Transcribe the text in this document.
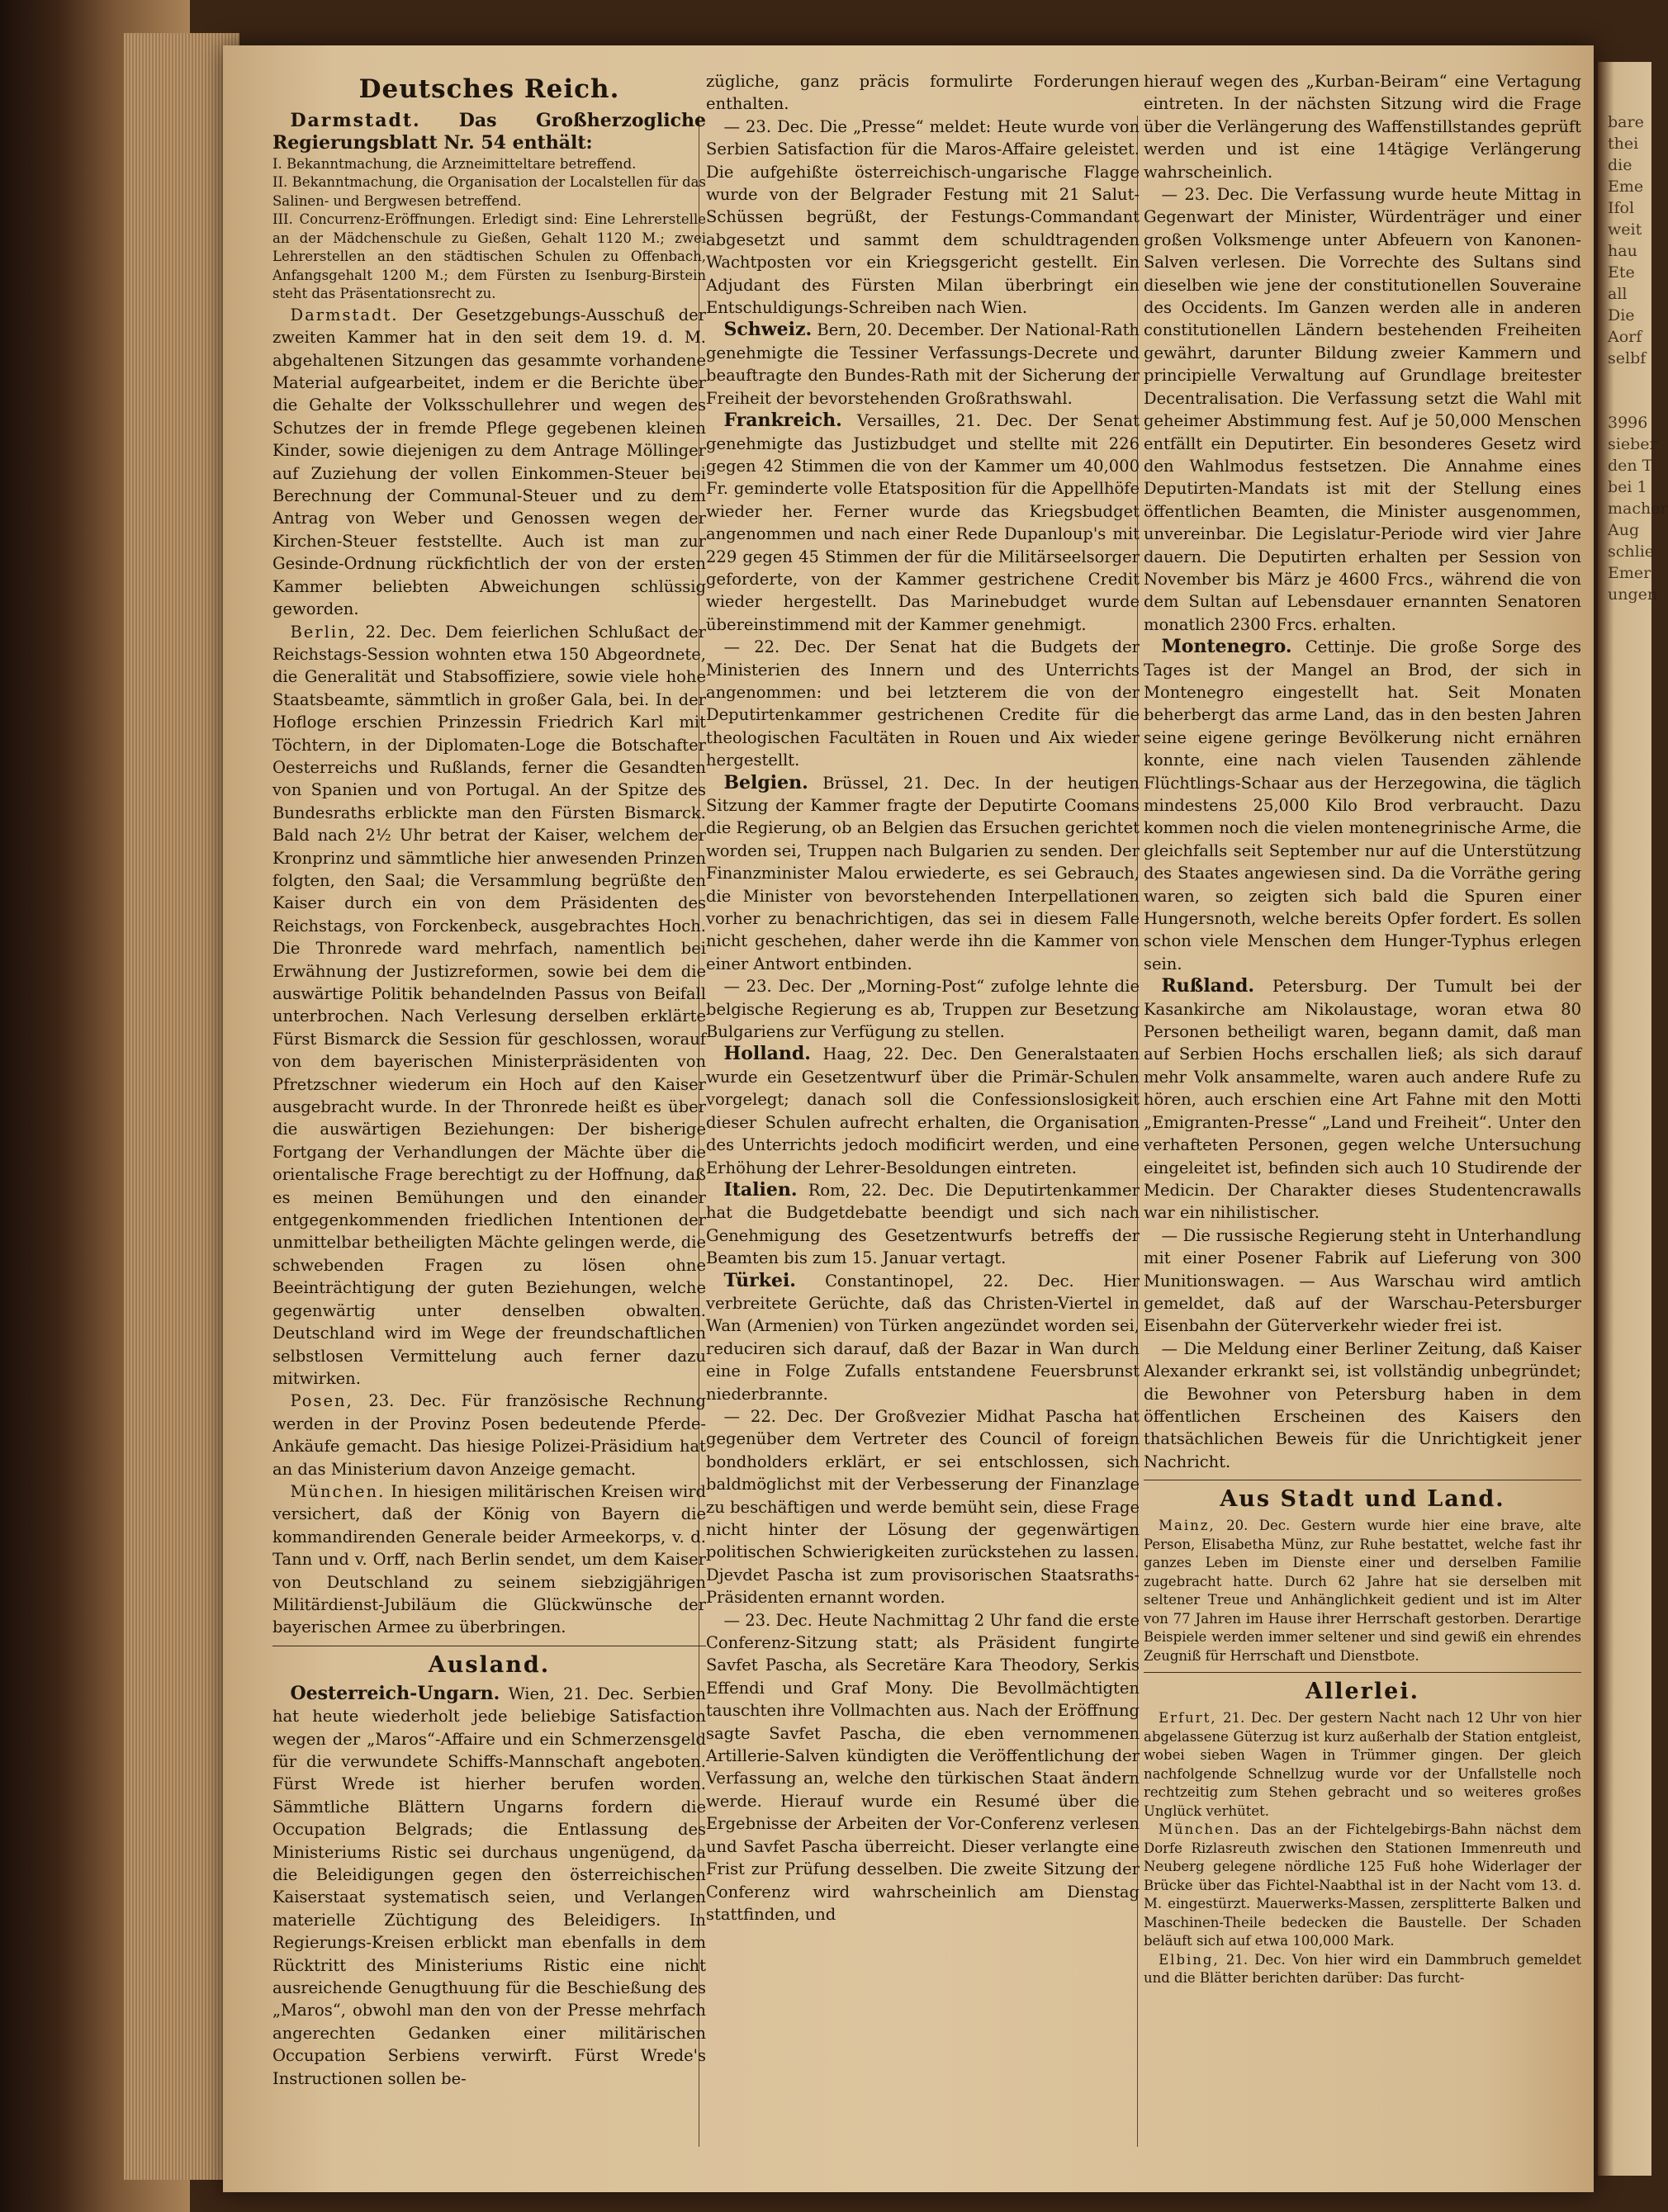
bare
thei
die
Eme
Ifol
weit
hau
Ete
all
Die
Aorf
selbf

3996
sieber
den T
bei 1
macher
Aug
schlie
Emer
ungen
Deutsches Reich.

Darmstadt. Das Großherzogliche Regierungsblatt Nr. 54 enthält:

I. Bekanntmachung, die Arzneimitteltare betreffend.

II. Bekanntmachung, die Organisation der Localstellen für das Salinen- und Bergwesen betreffend.

III. Concurrenz-Eröffnungen. Erledigt sind: Eine Lehrerstelle an der Mädchenschule zu Gießen, Gehalt 1120 M.; zwei Lehrerstellen an den städtischen Schulen zu Offenbach, Anfangsgehalt 1200 M.; dem Fürsten zu Isenburg-Birstein steht das Präsentationsrecht zu.

Darmstadt. Der Gesetzgebungs-Ausschuß der zweiten Kammer hat in den seit dem 19. d. M. abgehaltenen Sitzungen das gesammte vorhandene Material aufgearbeitet, indem er die Berichte über die Gehalte der Volksschullehrer und wegen des Schutzes der in fremde Pflege gegebenen kleinen Kinder, sowie diejenigen zu dem Antrage Möllinger auf Zuziehung der vollen Einkommen-Steuer bei Berechnung der Communal-Steuer und zu dem Antrag von Weber und Genossen wegen der Kirchen-Steuer feststellte. Auch ist man zur Gesinde-Ordnung rückfichtlich der von der ersten Kammer beliebten Abweichungen schlüssig geworden.

Berlin, 22. Dec. Dem feierlichen Schlußact der Reichstags-Session wohnten etwa 150 Abgeordnete, die Generalität und Stabsoffiziere, sowie viele hohe Staatsbeamte, sämmtlich in großer Gala, bei. In der Hofloge erschien Prinzessin Friedrich Karl mit Töchtern, in der Diplomaten-Loge die Botschafter Oesterreichs und Rußlands, ferner die Gesandten von Spanien und von Portugal. An der Spitze des Bundesraths erblickte man den Fürsten Bismarck. Bald nach 2½ Uhr betrat der Kaiser, welchem der Kronprinz und sämmtliche hier anwesenden Prinzen folgten, den Saal; die Versammlung begrüßte den Kaiser durch ein von dem Präsidenten des Reichstags, von Forckenbeck, ausgebrachtes Hoch. Die Thronrede ward mehrfach, namentlich bei Erwähnung der Justizreformen, sowie bei dem die auswärtige Politik behandelnden Passus von Beifall unterbrochen. Nach Verlesung derselben erklärte Fürst Bismarck die Session für geschlossen, worauf von dem bayerischen Ministerpräsidenten von Pfretzschner wiederum ein Hoch auf den Kaiser ausgebracht wurde. In der Thronrede heißt es über die auswärtigen Beziehungen: Der bisherige Fortgang der Verhandlungen der Mächte über die orientalische Frage berechtigt zu der Hoffnung, daß es meinen Bemühungen und den einander entgegenkommenden friedlichen Intentionen der unmittelbar betheiligten Mächte gelingen werde, die schwebenden Fragen zu lösen ohne Beeinträchtigung der guten Beziehungen, welche gegenwärtig unter denselben obwalten. Deutschland wird im Wege der freundschaftlichen selbstlosen Vermittelung auch ferner dazu mitwirken.

Posen, 23. Dec. Für französische Rechnung werden in der Provinz Posen bedeutende Pferde-Ankäufe gemacht. Das hiesige Polizei-Präsidium hat an das Ministerium davon Anzeige gemacht.

München. In hiesigen militärischen Kreisen wird versichert, daß der König von Bayern die kommandirenden Generale beider Armeekorps, v. d. Tann und v. Orff, nach Berlin sendet, um dem Kaiser von Deutschland zu seinem siebzigjährigen Militärdienst-Jubiläum die Glückwünsche der bayerischen Armee zu überbringen.

Ausland.

Oesterreich-Ungarn. Wien, 21. Dec. Serbien hat heute wiederholt jede beliebige Satisfaction wegen der „Maros“-Affaire und ein Schmerzensgeld für die verwundete Schiffs-Mannschaft angeboten. Fürst Wrede ist hierher berufen worden. Sämmtliche Blättern Ungarns fordern die Occupation Belgrads; die Entlassung des Ministeriums Ristic sei durchaus ungenügend, da die Beleidigungen gegen den österreichischen Kaiserstaat systematisch seien, und Verlangen materielle Züchtigung des Beleidigers. In Regierungs-Kreisen erblickt man ebenfalls in dem Rücktritt des Ministeriums Ristic eine nicht ausreichende Genugthuung für die Beschießung des „Maros“, obwohl man den von der Presse mehrfach angerechten Gedanken einer militärischen Occupation Serbiens verwirft. Fürst Wrede's Instructionen sollen be-

zügliche, ganz präcis formulirte Forderungen enthalten.

— 23. Dec. Die „Presse“ meldet: Heute wurde von Serbien Satisfaction für die Maros-Affaire geleistet. Die aufgehißte österreichisch-ungarische Flagge wurde von der Belgrader Festung mit 21 Salut-Schüssen begrüßt, der Festungs-Commandant abgesetzt und sammt dem schuldtragenden Wachtposten vor ein Kriegsgericht gestellt. Ein Adjudant des Fürsten Milan überbringt ein Entschuldigungs-Schreiben nach Wien.

Schweiz. Bern, 20. December. Der National-Rath genehmigte die Tessiner Verfassungs-Decrete und beauftragte den Bundes-Rath mit der Sicherung der Freiheit der bevorstehenden Großrathswahl.

Frankreich. Versailles, 21. Dec. Der Senat genehmigte das Justizbudget und stellte mit 226 gegen 42 Stimmen die von der Kammer um 40,000 Fr. geminderte volle Etatsposition für die Appellhöfe wieder her. Ferner wurde das Kriegsbudget angenommen und nach einer Rede Dupanloup's mit 229 gegen 45 Stimmen der für die Militärseelsorger geforderte, von der Kammer gestrichene Credit wieder hergestellt. Das Marinebudget wurde übereinstimmend mit der Kammer genehmigt.

— 22. Dec. Der Senat hat die Budgets der Ministerien des Innern und des Unterrichts angenommen: und bei letzterem die von der Deputirtenkammer gestrichenen Credite für die theologischen Facultäten in Rouen und Aix wieder hergestellt.

Belgien. Brüssel, 21. Dec. In der heutigen Sitzung der Kammer fragte der Deputirte Coomans die Regierung, ob an Belgien das Ersuchen gerichtet worden sei, Truppen nach Bulgarien zu senden. Der Finanzminister Malou erwiederte, es sei Gebrauch, die Minister von bevorstehenden Interpellationen vorher zu benachrichtigen, das sei in diesem Falle nicht geschehen, daher werde ihn die Kammer von einer Antwort entbinden.

— 23. Dec. Der „Morning-Post“ zufolge lehnte die belgische Regierung es ab, Truppen zur Besetzung Bulgariens zur Verfügung zu stellen.

Holland. Haag, 22. Dec. Den Generalstaaten wurde ein Gesetzentwurf über die Primär-Schulen vorgelegt; danach soll die Confessionslosigkeit dieser Schulen aufrecht erhalten, die Organisation des Unterrichts jedoch modificirt werden, und eine Erhöhung der Lehrer-Besoldungen eintreten.

Italien. Rom, 22. Dec. Die Deputirtenkammer hat die Budgetdebatte beendigt und sich nach Genehmigung des Gesetzentwurfs betreffs der Beamten bis zum 15. Januar vertagt.

Türkei. Constantinopel, 22. Dec. Hier verbreitete Gerüchte, daß das Christen-Viertel in Wan (Armenien) von Türken angezündet worden sei, reduciren sich darauf, daß der Bazar in Wan durch eine in Folge Zufalls entstandene Feuersbrunst niederbrannte.

— 22. Dec. Der Großvezier Midhat Pascha hat gegenüber dem Vertreter des Council of foreign bondholders erklärt, er sei entschlossen, sich baldmöglichst mit der Verbesserung der Finanzlage zu beschäftigen und werde bemüht sein, diese Frage nicht hinter der Lösung der gegenwärtigen politischen Schwierigkeiten zurückstehen zu lassen. Djevdet Pascha ist zum provisorischen Staatsraths-Präsidenten ernannt worden.

— 23. Dec. Heute Nachmittag 2 Uhr fand die erste Conferenz-Sitzung statt; als Präsident fungirte Savfet Pascha, als Secretäre Kara Theodory, Serkis Effendi und Graf Mony. Die Bevollmächtigten tauschten ihre Vollmachten aus. Nach der Eröffnung sagte Savfet Pascha, die eben vernommenen Artillerie-Salven kündigten die Veröffentlichung der Verfassung an, welche den türkischen Staat ändern werde. Hierauf wurde ein Resumé über die Ergebnisse der Arbeiten der Vor-Conferenz verlesen und Savfet Pascha überreicht. Dieser verlangte eine Frist zur Prüfung desselben. Die zweite Sitzung der Conferenz wird wahrscheinlich am Dienstag stattfinden, und

hierauf wegen des „Kurban-Beiram“ eine Vertagung eintreten. In der nächsten Sitzung wird die Frage über die Verlängerung des Waffenstillstandes geprüft werden und ist eine 14tägige Verlängerung wahrscheinlich.

— 23. Dec. Die Verfassung wurde heute Mittag in Gegenwart der Minister, Würdenträger und einer großen Volksmenge unter Abfeuern von Kanonen-Salven verlesen. Die Vorrechte des Sultans sind dieselben wie jene der constitutionellen Souveraine des Occidents. Im Ganzen werden alle in anderen constitutionellen Ländern bestehenden Freiheiten gewährt, darunter Bildung zweier Kammern und principielle Verwaltung auf Grundlage breitester Decentralisation. Die Verfassung setzt die Wahl mit geheimer Abstimmung fest. Auf je 50,000 Menschen entfällt ein Deputirter. Ein besonderes Gesetz wird den Wahlmodus festsetzen. Die Annahme eines Deputirten-Mandats ist mit der Stellung eines öffentlichen Beamten, die Minister ausgenommen, unvereinbar. Die Legislatur-Periode wird vier Jahre dauern. Die Deputirten erhalten per Session von November bis März je 4600 Frcs., während die von dem Sultan auf Lebensdauer ernannten Senatoren monatlich 2300 Frcs. erhalten.

Montenegro. Cettinje. Die große Sorge des Tages ist der Mangel an Brod, der sich in Montenegro eingestellt hat. Seit Monaten beherbergt das arme Land, das in den besten Jahren seine eigene geringe Bevölkerung nicht ernähren konnte, eine nach vielen Tausenden zählende Flüchtlings-Schaar aus der Herzegowina, die täglich mindestens 25,000 Kilo Brod verbraucht. Dazu kommen noch die vielen montenegrinische Arme, die gleichfalls seit September nur auf die Unterstützung des Staates angewiesen sind. Da die Vorräthe gering waren, so zeigten sich bald die Spuren einer Hungersnoth, welche bereits Opfer fordert. Es sollen schon viele Menschen dem Hunger-Typhus erlegen sein.

Rußland. Petersburg. Der Tumult bei der Kasankirche am Nikolaustage, woran etwa 80 Personen betheiligt waren, begann damit, daß man auf Serbien Hochs erschallen ließ; als sich darauf mehr Volk ansammelte, waren auch andere Rufe zu hören, auch erschien eine Art Fahne mit den Motti „Emigranten-Presse“ „Land und Freiheit“. Unter den verhafteten Personen, gegen welche Untersuchung eingeleitet ist, befinden sich auch 10 Studirende der Medicin. Der Charakter dieses Studentencrawalls war ein nihilistischer.

— Die russische Regierung steht in Unterhandlung mit einer Posener Fabrik auf Lieferung von 300 Munitionswagen. — Aus Warschau wird amtlich gemeldet, daß auf der Warschau-Petersburger Eisenbahn der Güterverkehr wieder frei ist.

— Die Meldung einer Berliner Zeitung, daß Kaiser Alexander erkrankt sei, ist vollständig unbegründet; die Bewohner von Petersburg haben in dem öffentlichen Erscheinen des Kaisers den thatsächlichen Beweis für die Unrichtigkeit jener Nachricht.

Aus Stadt und Land.

Mainz, 20. Dec. Gestern wurde hier eine brave, alte Person, Elisabetha Münz, zur Ruhe bestattet, welche fast ihr ganzes Leben im Dienste einer und derselben Familie zugebracht hatte. Durch 62 Jahre hat sie derselben mit seltener Treue und Anhänglichkeit gedient und ist im Alter von 77 Jahren im Hause ihrer Herrschaft gestorben. Derartige Beispiele werden immer seltener und sind gewiß ein ehrendes Zeugniß für Herrschaft und Dienstbote.

Allerlei.

Erfurt, 21. Dec. Der gestern Nacht nach 12 Uhr von hier abgelassene Güterzug ist kurz außerhalb der Station entgleist, wobei sieben Wagen in Trümmer gingen. Der gleich nachfolgende Schnellzug wurde vor der Unfallstelle noch rechtzeitig zum Stehen gebracht und so weiteres großes Unglück verhütet.

München. Das an der Fichtelgebirgs-Bahn nächst dem Dorfe Rizlasreuth zwischen den Stationen Immenreuth und Neuberg gelegene nördliche 125 Fuß hohe Widerlager der Brücke über das Fichtel-Naabthal ist in der Nacht vom 13. d. M. eingestürzt. Mauerwerks-Massen, zersplitterte Balken und Maschinen-Theile bedecken die Baustelle. Der Schaden beläuft sich auf etwa 100,000 Mark.

Elbing, 21. Dec. Von hier wird ein Dammbruch gemeldet und die Blätter berichten darüber: Das furcht-
